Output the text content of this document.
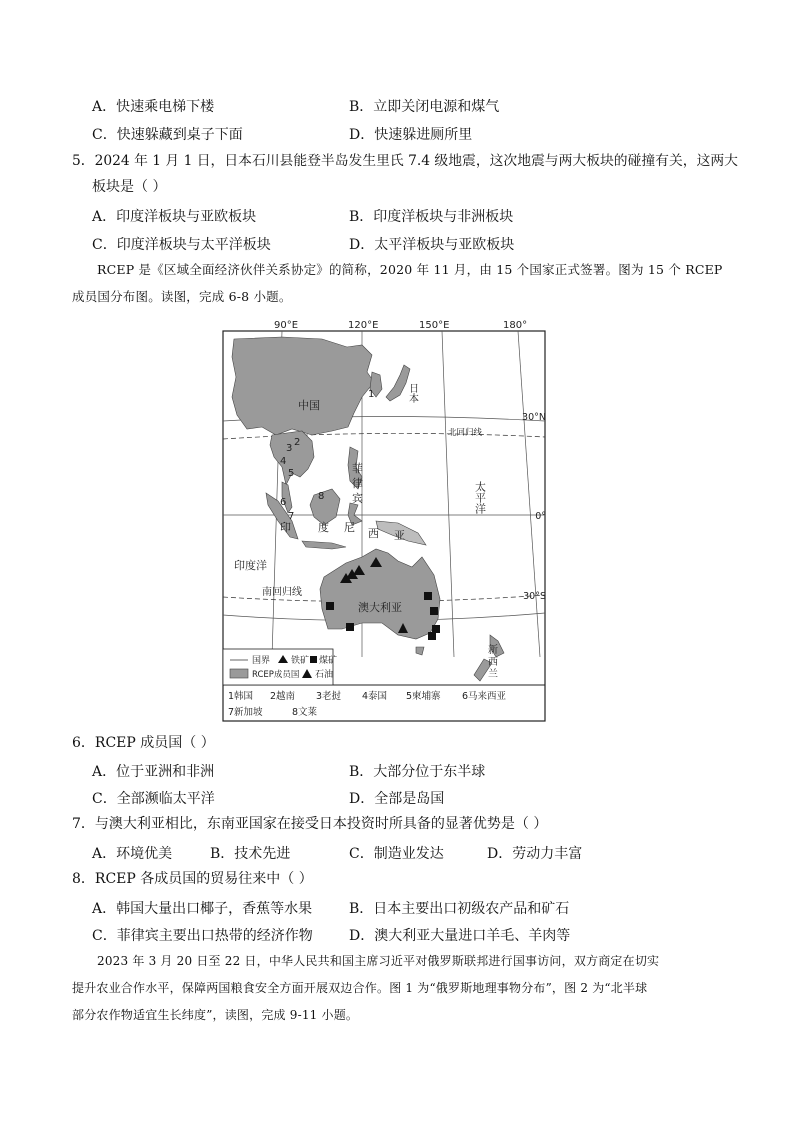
A．快速乘电梯下楼	B．立即关闭电源和煤气
C．快速躲藏到桌子下面	D．快速躲进厕所里
5．2024 年 1 月 1 日，日本石川县能登半岛发生里氏 7.4 级地震，这次地震与两大板块的碰撞有关，这两大
板块是（ ）
A．印度洋板块与亚欧板块	B．印度洋板块与非洲板块
C．印度洋板块与太平洋板块	D．太平洋板块与亚欧板块
RCEP 是《区域全面经济伙伴关系协定》的简称，2020 年 11 月，由 15 个国家正式签署。图为 15 个 RCEP
成员国分布图。读图，完成 6-8 小题。
90°E	120°E	150°E	180°
中国
日本
北回归线
南回归线
太平洋
印度洋
菲
律
宾
印 度 尼 西 亚
澳大利亚
新
西
兰
30°N
0°
30°S
1
2
3
4
5
6
7
8
国界 铁矿 煤矿
RCEP成员国 石油
1韩国 2越南 3老挝 4泰国 5柬埔寨 6马来西亚
7新加坡	8文莱
6．RCEP 成员国（ ）
A．位于亚洲和非洲	B．大部分位于东半球
C．全部濒临太平洋	D．全部是岛国
7．与澳大利亚相比，东南亚国家在接受日本投资时所具备的显著优势是（ ）
A．环境优美	B．技术先进	C．制造业发达	D．劳动力丰富
8．RCEP 各成员国的贸易往来中（ ）
A．韩国大量出口椰子，香蕉等水果	B．日本主要出口初级农产品和矿石
C．菲律宾主要出口热带的经济作物	D．澳大利亚大量进口羊毛、羊肉等
2023 年 3 月 20 日至 22 日，中华人民共和国主席习近平对俄罗斯联邦进行国事访问，双方商定在切实
提升农业合作水平，保障两国粮食安全方面开展双边合作。图 1 为“俄罗斯地理事物分布”，图 2 为“北半球
部分农作物适宜生长纬度”，读图，完成 9-11 小题。
